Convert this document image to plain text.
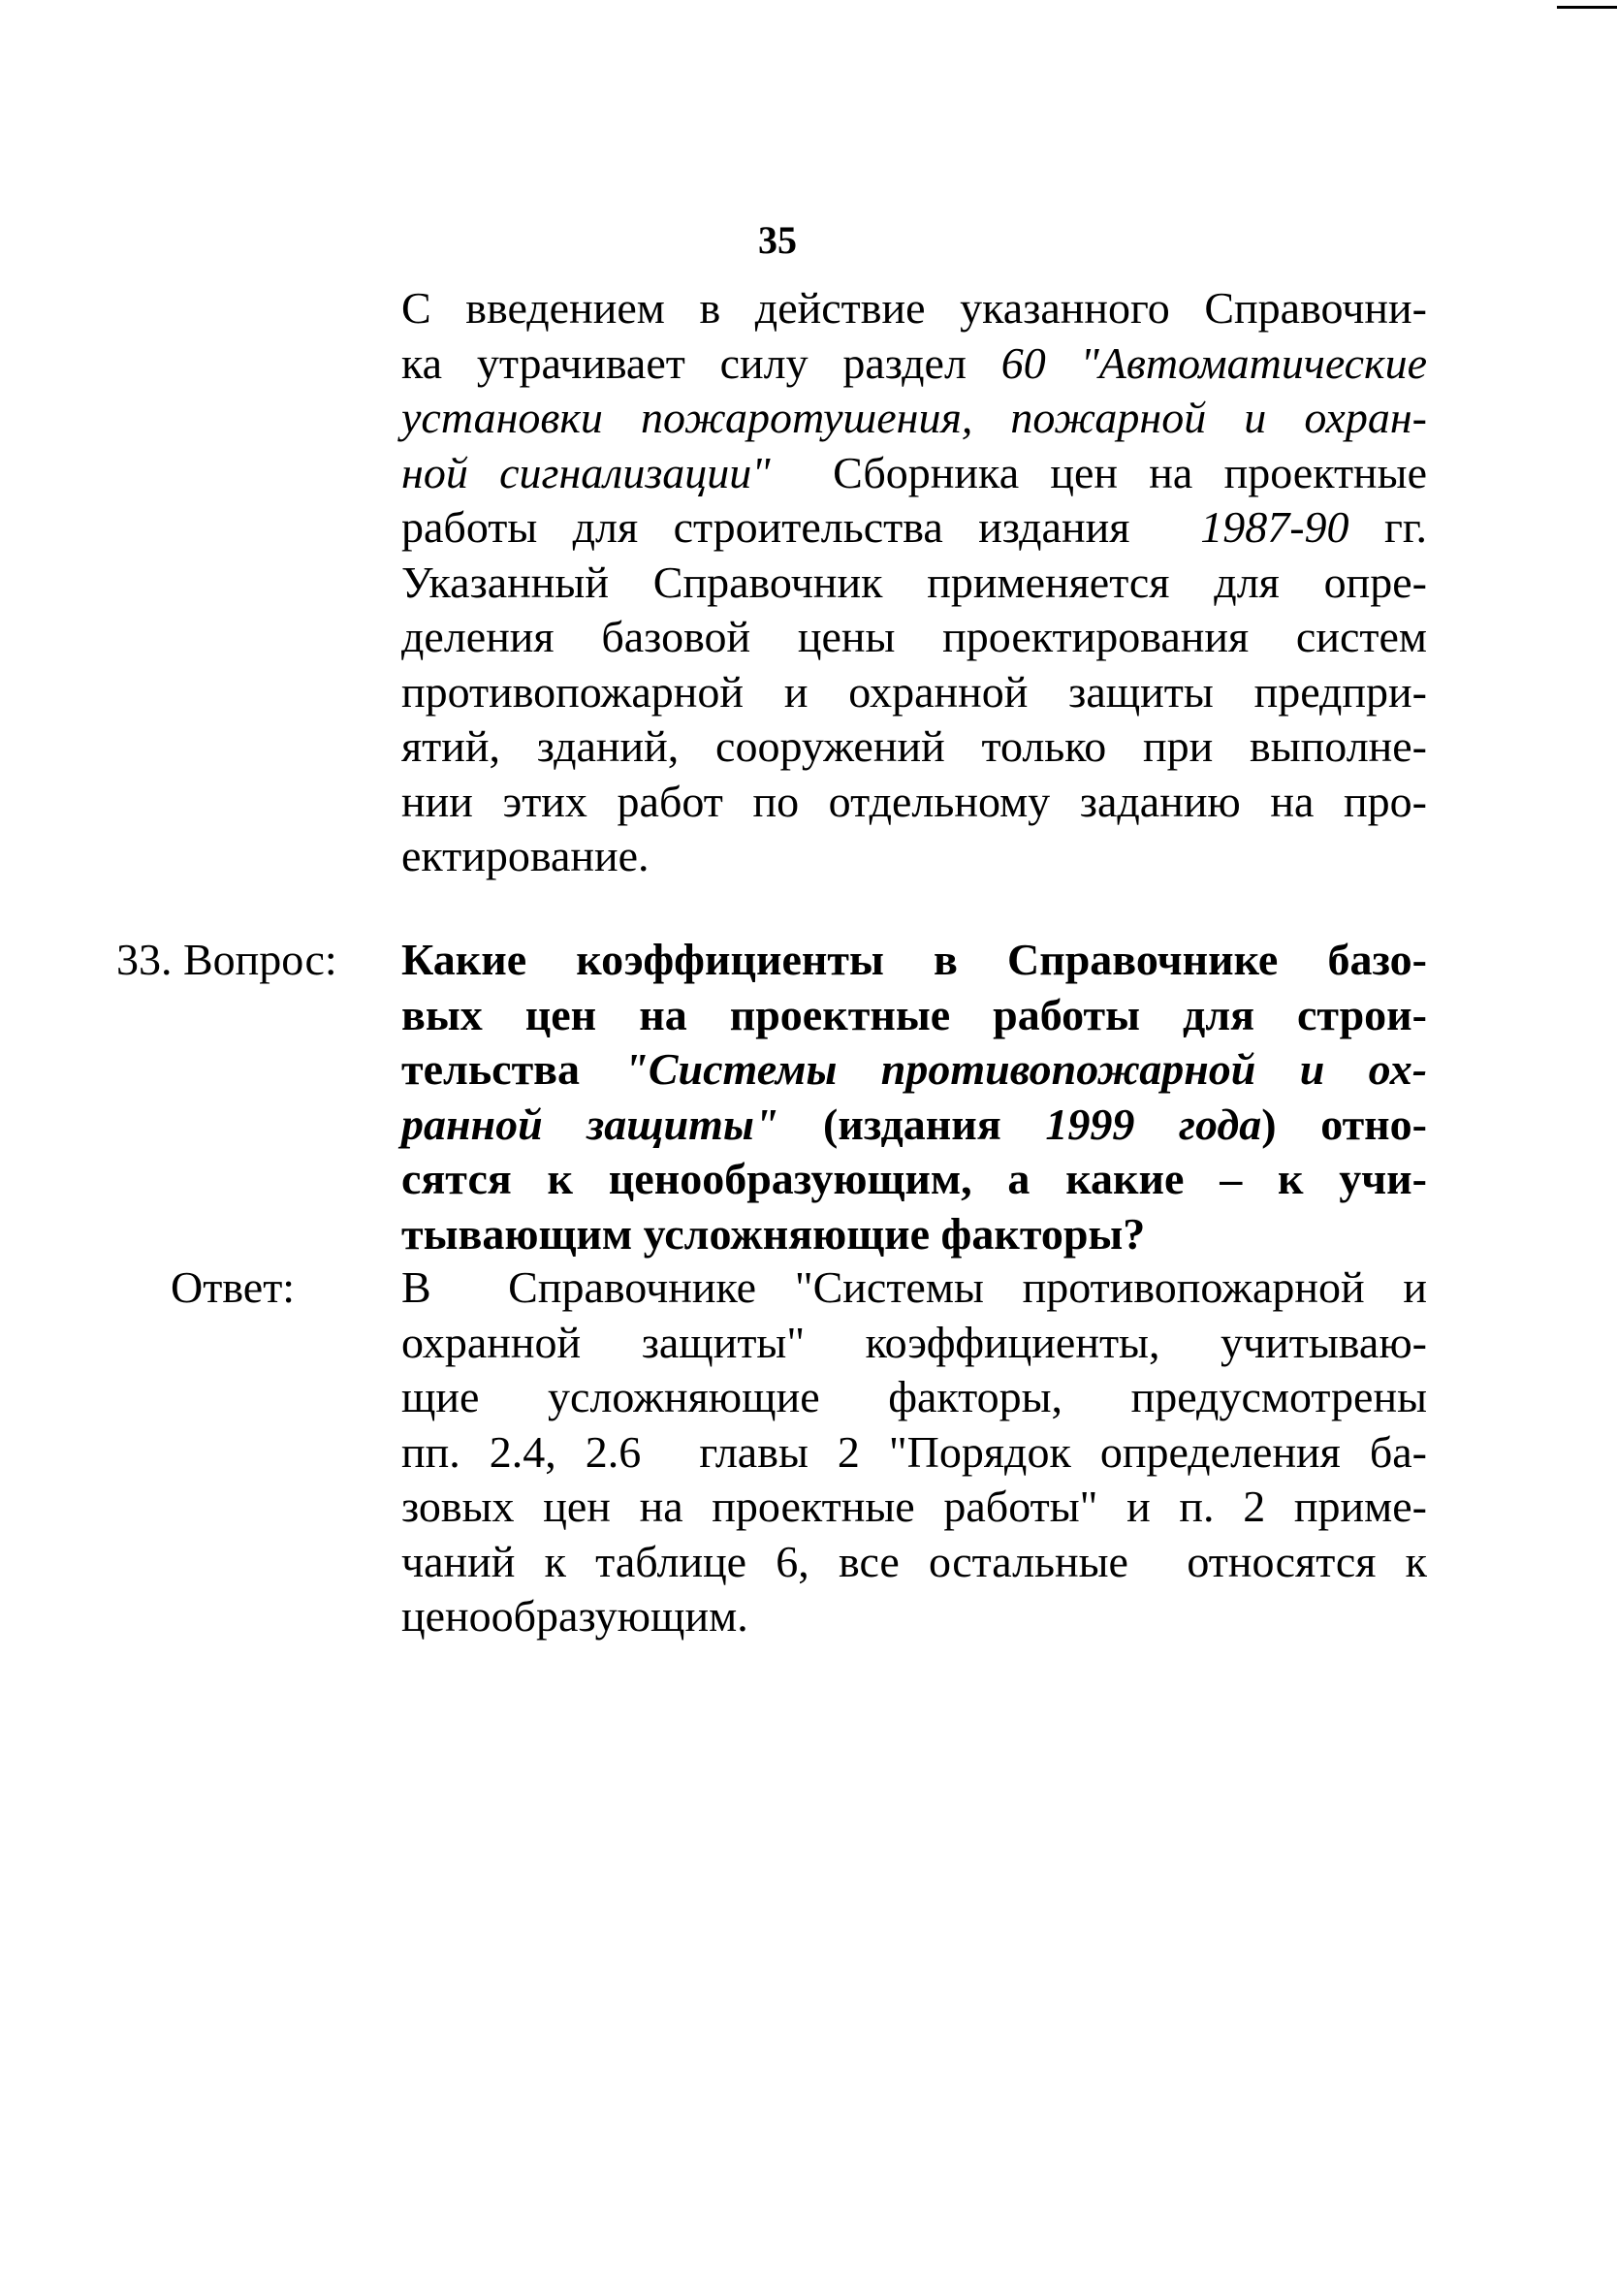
35
С введением в действие указанного Справочни-
ка утрачивает силу раздел 60 "Автоматические
установки пожаротушения, пожарной и охран-
ной сигнализации"  Сборника цен на проектные
работы для строительства издания  1987-90 гг.
Указанный Справочник применяется для опре-
деления базовой цены проектирования систем
противопожарной и охранной защиты предпри-
ятий, зданий, сооружений только при выполне-
нии этих работ по отдельному заданию на про-
ектирование.
33. Вопрос: Какие коэффициенты в Справочнике базо-
вых цен на проектные работы для строи-
тельства "Системы противопожарной и ох-
ранной защиты" (издания 1999 года) отно-
сятся к ценообразующим, а какие – к учи-
тывающим усложняющие факторы?
Ответ: В  Справочнике "Системы противопожарной и
охранной защиты" коэффициенты, учитываю-
щие усложняющие факторы, предусмотрены
пп. 2.4, 2.6  главы 2 "Порядок определения ба-
зовых цен на проектные работы" и п. 2 приме-
чаний к таблице 6, все остальные  относятся к
ценообразующим.
